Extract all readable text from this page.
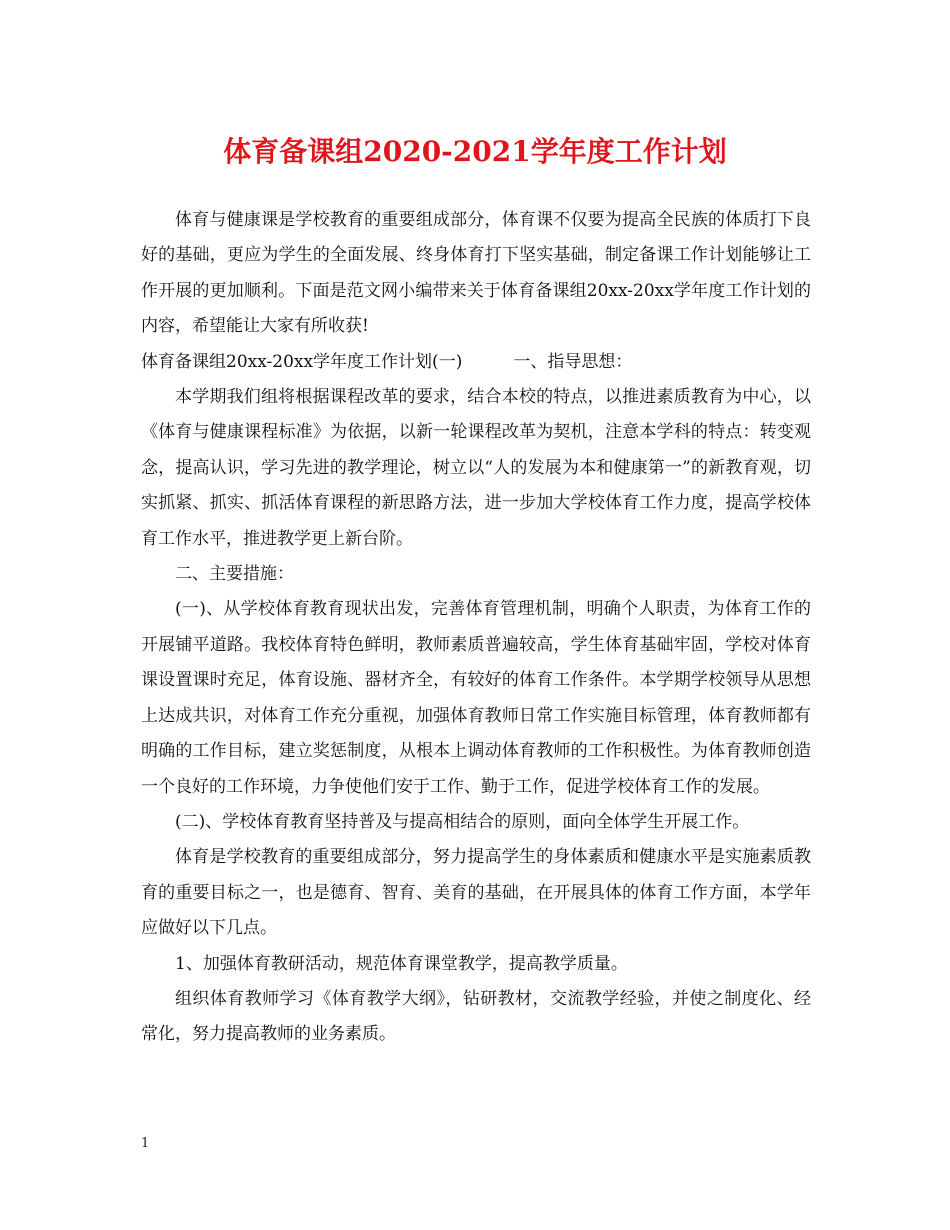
体育备课组2020-2021学年度工作计划

体育与健康课是学校教育的重要组成部分，体育课不仅要为提高全民族的体质打下良好的基础，更应为学生的全面发展、终身体育打下坚实基础，制定备课工作计划能够让工作开展的更加顺利。下面是范文网小编带来关于体育备课组20xx-20xx学年度工作计划的内容，希望能让大家有所收获!

体育备课组20xx-20xx学年度工作计划(一)　　　一、指导思想：

本学期我们组将根据课程改革的要求，结合本校的特点，以推进素质教育为中心，以《体育与健康课程标准》为依据，以新一轮课程改革为契机，注意本学科的特点：转变观念，提高认识，学习先进的教学理论，树立以“人的发展为本和健康第一”的新教育观，切实抓紧、抓实、抓活体育课程的新思路方法，进一步加大学校体育工作力度，提高学校体育工作水平，推进教学更上新台阶。

二、主要措施：

(一)、从学校体育教育现状出发，完善体育管理机制，明确个人职责，为体育工作的开展铺平道路。我校体育特色鲜明，教师素质普遍较高，学生体育基础牢固，学校对体育课设置课时充足，体育设施、器材齐全，有较好的体育工作条件。本学期学校领导从思想上达成共识，对体育工作充分重视，加强体育教师日常工作实施目标管理，体育教师都有明确的工作目标，建立奖惩制度，从根本上调动体育教师的工作积极性。为体育教师创造一个良好的工作环境，力争使他们安于工作、勤于工作，促进学校体育工作的发展。

(二)、学校体育教育坚持普及与提高相结合的原则，面向全体学生开展工作。

体育是学校教育的重要组成部分，努力提高学生的身体素质和健康水平是实施素质教育的重要目标之一，也是德育、智育、美育的基础，在开展具体的体育工作方面，本学年应做好以下几点。

1、加强体育教研活动，规范体育课堂教学，提高教学质量。

组织体育教师学习《体育教学大纲》，钻研教材，交流教学经验，并使之制度化、经常化，努力提高教师的业务素质。

1
